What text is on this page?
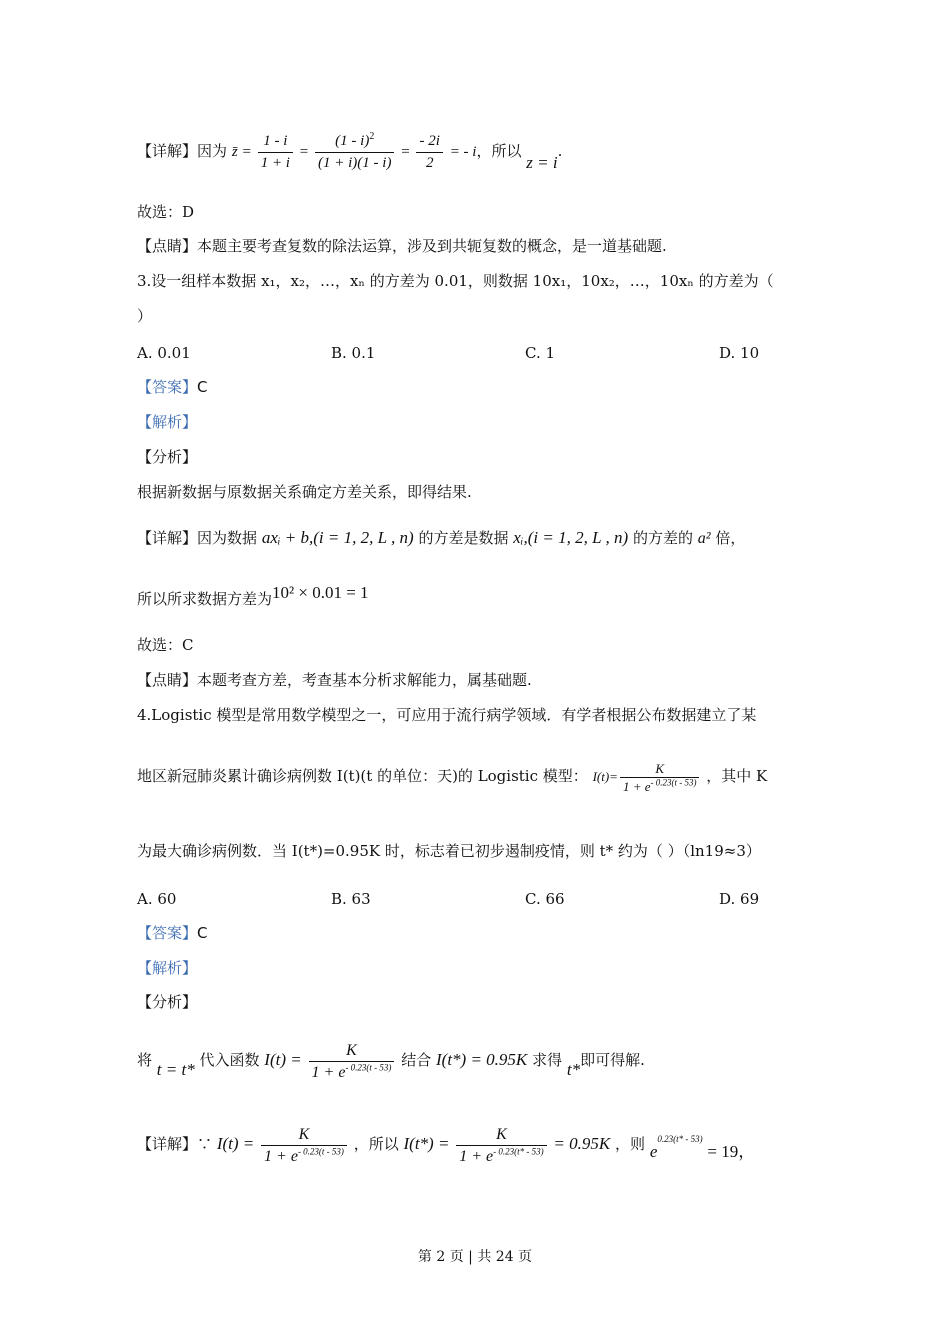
【详解】因为 z̄ = $\frac{1 - i}{1 + i} = \frac{(1 - i)^2}{(1 + i)(1 - i)} = \frac{- 2i}{2}$ = - i，所以 z = i.
故选：D
【点睛】本题主要考查复数的除法运算，涉及到共轭复数的概念，是一道基础题.
3.设一组样本数据 x₁，x₂，…，xₙ 的方差为 0.01，则数据 10x₁，10x₂，…，10xₙ 的方差为（
）
A. 0.01	B. 0.1	C. 1	D. 10
【答案】C
【解析】
【分析】
根据新数据与原数据关系确定方差关系，即得结果.
【详解】因为数据 axᵢ + b,(i = 1, 2, L , n) 的方差是数据 xᵢ,(i = 1, 2, L , n) 的方差的 a² 倍，
所以所求数据方差为10² × 0.01 = 1
故选：C
【点睛】本题考查方差，考查基本分析求解能力，属基础题.
4.Logistic 模型是常用数学模型之一，可应用于流行病学领域．有学者根据公布数据建立了某
地区新冠肺炎累计确诊病例数 I(t)(t 的单位：天)的 Logistic 模型： $I(t)= \frac{K}{1 + e^{- 0.23(t - 53)}}$ ，其中 K
为最大确诊病例数．当 I(t*)=0.95K 时，标志着已初步遏制疫情，则 t* 约为（ ）（ln19≈3）
A. 60	B. 63	C. 66	D. 69
【答案】C
【解析】
【分析】
将 t = t* 代入函数 $I(t) = \frac{K}{1 + e^{- 0.23(t - 53)}}$ 结合 I(t*) = 0.95K 求得 t*即可得解.
【详解】∵ $I(t) = \frac{K}{1 + e^{- 0.23(t - 53)}}$ ，所以 $I(t*) = \frac{K}{1 + e^{- 0.23(t* - 53)}} = 0.95K$ ，则 $e^{0.23(t* - 53)} = 19$，
第 2 页 | 共 24 页
